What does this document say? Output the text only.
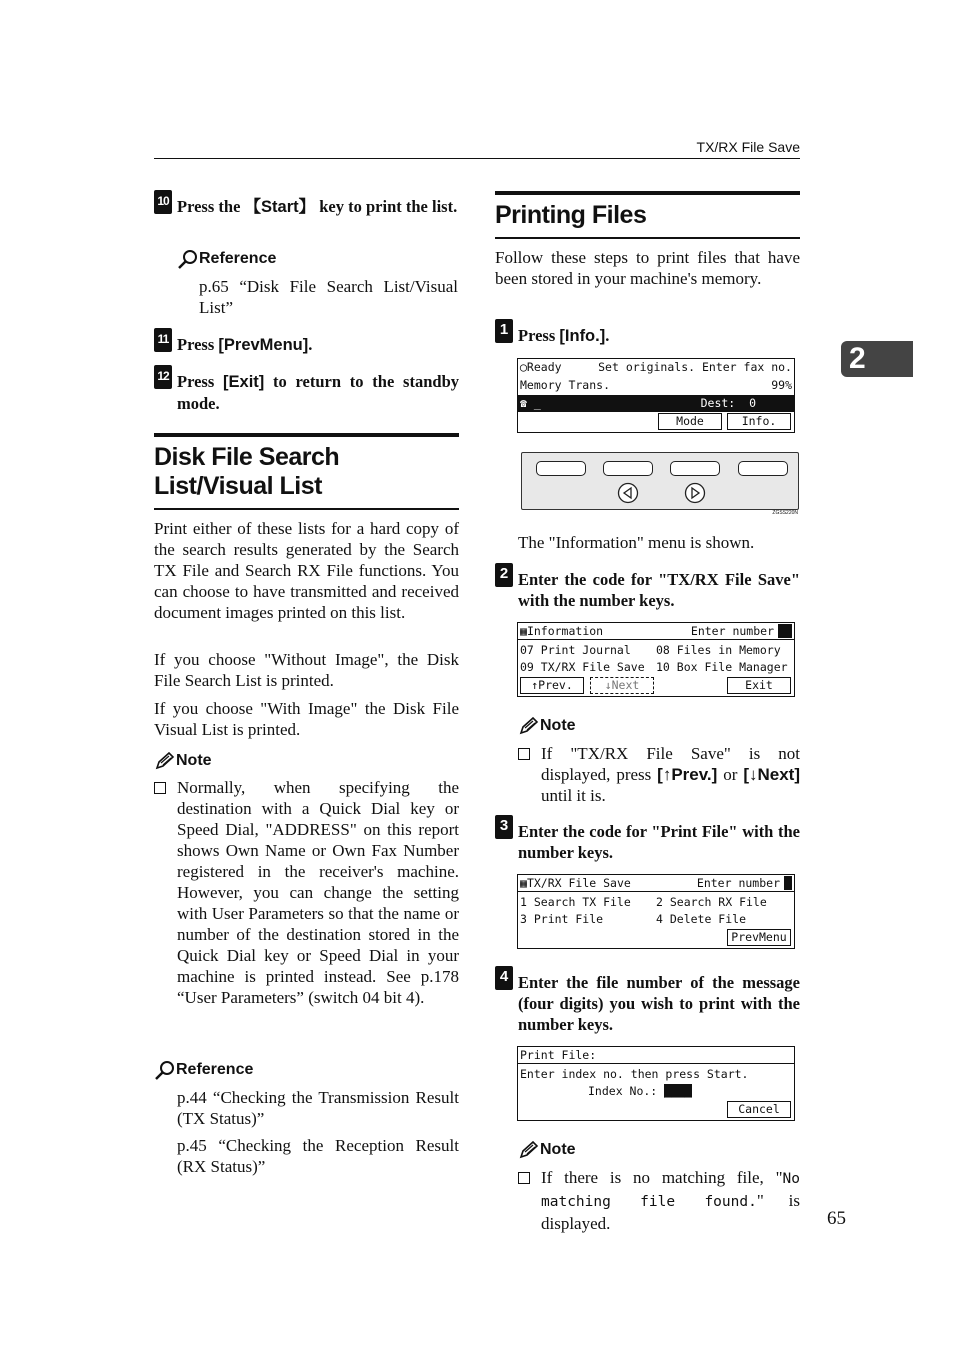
TX/RX File Save
2
10 Press the 【Start】 key to print the list.
Reference
p.65 “Disk File Search List/Visual List”
11 Press [PrevMenu].
12 Press [Exit] to return to the standby mode.
Disk File Search List/Visual List
Print either of these lists for a hard copy of the search results generated by the Search TX File and Search RX File functions. You can choose to have transmitted and received document images printed on this list.
If you choose "Without Image", the Disk File Search List is printed.
If you choose "With Image" the Disk File Visual List is printed.
Note
Normally, when specifying the destination with a Quick Dial key or Speed Dial, "ADDRESS" on this report shows Own Name or Own Fax Number registered in the receiver's machine. However, you can change the setting with User Parameters so that the name or number of the destination stored in the Quick Dial key or Speed Dial in your machine is printed instead. See p.178 “User Parameters” (switch 04 bit 4).
Reference
p.44 “Checking the Transmission Result (TX Status)”
p.45 “Checking the Reception Result (RX Status)”
Printing Files
Follow these steps to print files that have been stored in your machine's memory.
1 Press [Info.].
◯Ready	Set originals. Enter fax no.
Memory Trans.	99%
☎ _	Dest:  0
Mode	Info.
ZGSS220N
The "Information" menu is shown.
2 Enter the code for "TX/RX File Save" with the number keys.
▦Information	Enter number
07 Print Journal 08 Files in Memory
09 TX/RX File Save 10 Box File Manager
↑Prev.	↓Next	Exit
Note
If "TX/RX File Save" is not displayed, press [↑Prev.] or [↓Next] until it is.
3 Enter the code for "Print File" with the number keys.
▦TX/RX File Save	Enter number
1 Search TX File 2 Search RX File
3 Print File	4 Delete File
PrevMenu
4 Enter the file number of the message (four digits) you wish to print with the number keys.
Print File:
Enter index no. then press Start.
Index No.: ____
Cancel
Note
If there is no matching file, "No matching file found." is displayed.	65
